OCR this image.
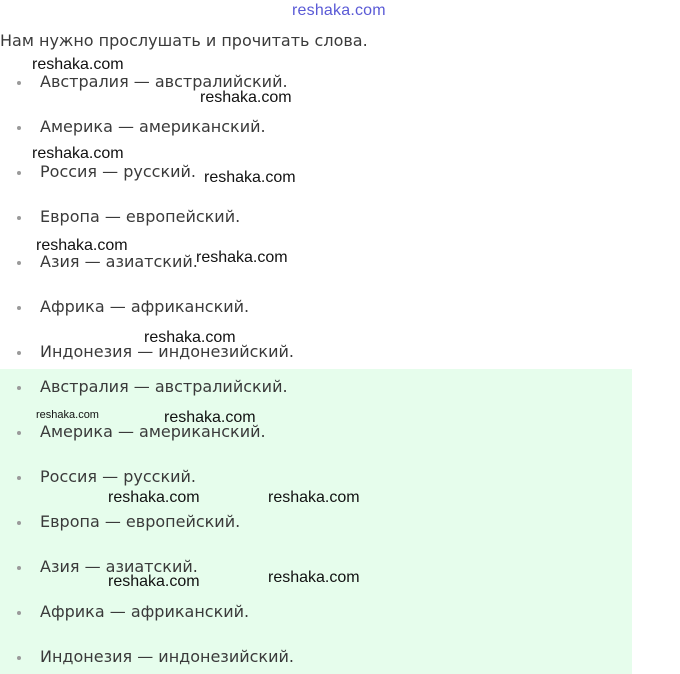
reshaka.com
Нам нужно прослушать и прочитать слова.
Австралия — австралийский.
Америка — американский.
Россия — русский.
Европа — европейский.
Азия — азиатский.
Африка — африканский.
Индонезия — индонезийский.
Австралия — австралийский.
Америка — американский.
Россия — русский.
Европа — европейский.
Азия — азиатский.
Африка — африканский.
Индонезия — индонезийский.
reshaka.com
reshaka.com
reshaka.com
reshaka.com
reshaka.com
reshaka.com
reshaka.com
reshaka.com	reshaka.com
reshaka.com	reshaka.com
reshaka.com
reshaka.com
